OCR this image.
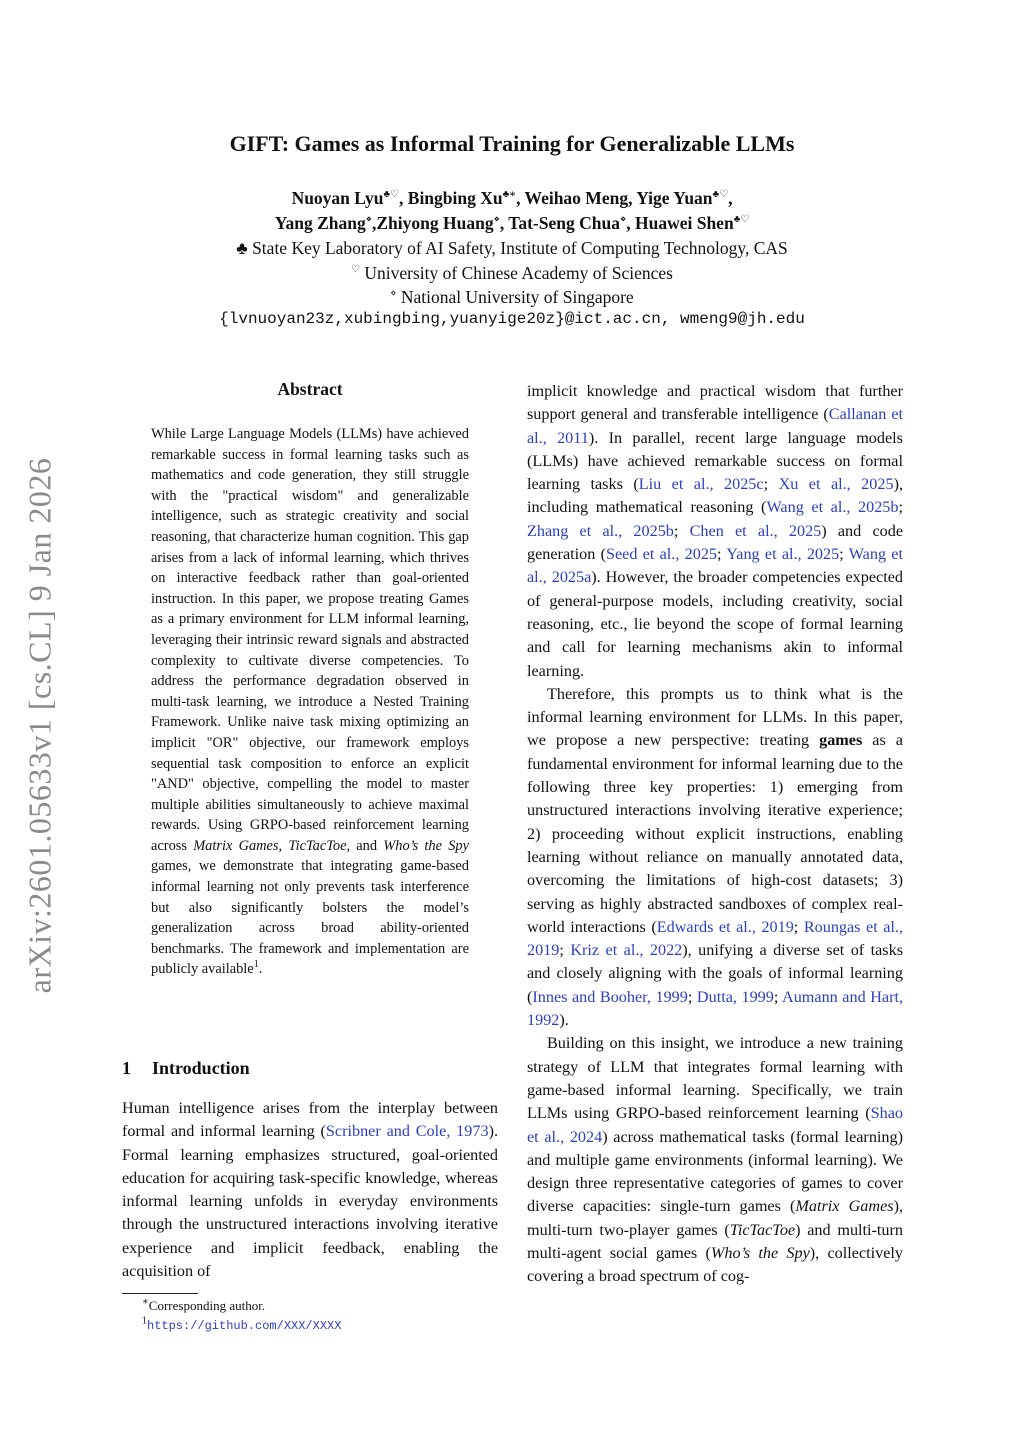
arXiv:2601.05633v1 [cs.CL] 9 Jan 2026
GIFT: Games as Informal Training for Generalizable LLMs
Nuoyan Lyu♣♡, Bingbing Xu♣∗, Weihao Meng, Yige Yuan♣♡,
Yang Zhang⋄,Zhiyong Huang⋄, Tat-Seng Chua⋄, Huawei Shen♣♡
♣ State Key Laboratory of AI Safety, Institute of Computing Technology, CAS
♡ University of Chinese Academy of Sciences
⋄ National University of Singapore
{lvnuoyan23z,xubingbing,yuanyige20z}@ict.ac.cn, wmeng9@jh.edu
Abstract
While Large Language Models (LLMs) have achieved remarkable success in formal learning tasks such as mathematics and code generation, they still struggle with the "practical wisdom" and generalizable intelligence, such as strategic creativity and social reasoning, that characterize human cognition. This gap arises from a lack of informal learning, which thrives on interactive feedback rather than goal-oriented instruction. In this paper, we propose treating Games as a primary environment for LLM informal learning, leveraging their intrinsic reward signals and abstracted complexity to cultivate diverse competencies. To address the performance degradation observed in multi-task learning, we introduce a Nested Training Framework. Unlike naive task mixing optimizing an implicit "OR" objective, our framework employs sequential task composition to enforce an explicit "AND" objective, compelling the model to master multiple abilities simultaneously to achieve maximal rewards. Using GRPO-based reinforcement learning across Matrix Games, TicTacToe, and Who’s the Spy games, we demonstrate that integrating game-based informal learning not only prevents task interference but also significantly bolsters the model’s generalization across broad ability-oriented benchmarks. The framework and implementation are publicly available$^1$.
1 Introduction
Human intelligence arises from the interplay between formal and informal learning (Scribner and Cole, 1973). Formal learning emphasizes structured, goal-oriented education for acquiring task-specific knowledge, whereas informal learning unfolds in everyday environments through the unstructured interactions involving iterative experience and implicit feedback, enabling the acquisition of
∗Corresponding author.
$^1$https://github.com/XXX/XXXX

implicit knowledge and practical wisdom that further support general and transferable intelligence (Callanan et al., 2011). In parallel, recent large language models (LLMs) have achieved remarkable success on formal learning tasks (Liu et al., 2025c; Xu et al., 2025), including mathematical reasoning (Wang et al., 2025b; Zhang et al., 2025b; Chen et al., 2025) and code generation (Seed et al., 2025; Yang et al., 2025; Wang et al., 2025a). However, the broader competencies expected of general-purpose models, including creativity, social reasoning, etc., lie beyond the scope of formal learning and call for learning mechanisms akin to informal learning.

Therefore, this prompts us to think what is the informal learning environment for LLMs. In this paper, we propose a new perspective: treating games as a fundamental environment for informal learning due to the following three key properties: 1) emerging from unstructured interactions involving iterative experience; 2) proceeding without explicit instructions, enabling learning without reliance on manually annotated data, overcoming the limitations of high-cost datasets; 3) serving as highly abstracted sandboxes of complex real-world interactions (Edwards et al., 2019; Roungas et al., 2019; Kriz et al., 2022), unifying a diverse set of tasks and closely aligning with the goals of informal learning (Innes and Booher, 1999; Dutta, 1999; Aumann and Hart, 1992).

Building on this insight, we introduce a new training strategy of LLM that integrates formal learning with game-based informal learning. Specifically, we train LLMs using GRPO-based reinforcement learning (Shao et al., 2024) across mathematical tasks (formal learning) and multiple game environments (informal learning). We design three representative categories of games to cover diverse capacities: single-turn games (Matrix Games), multi-turn two-player games (TicTacToe) and multi-turn multi-agent social games (Who’s the Spy), collectively covering a broad spectrum of cog-
